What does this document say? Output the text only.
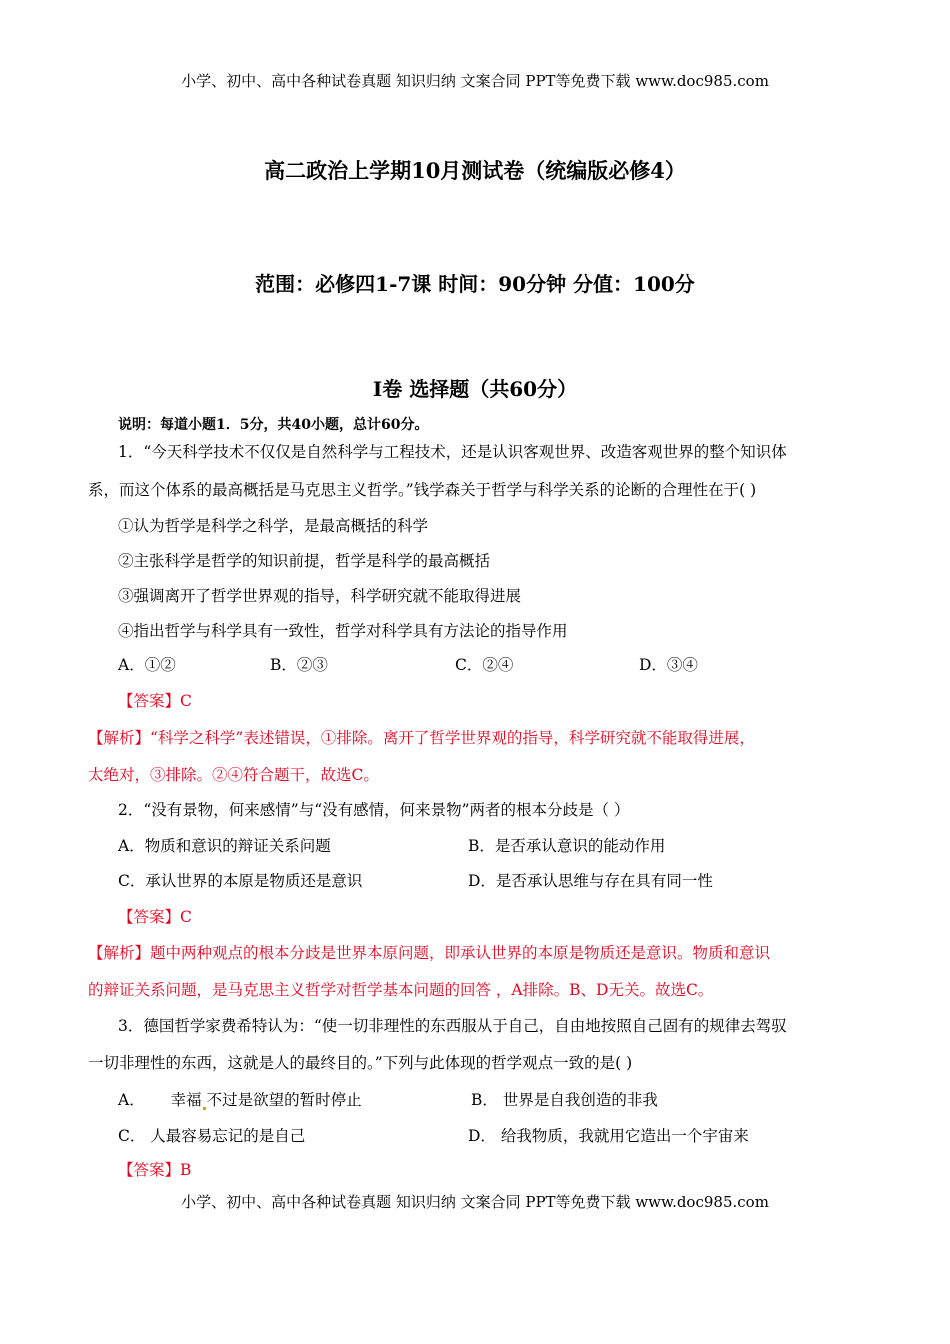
小学、初中、高中各种试卷真题 知识归纳 文案合同 PPT等免费下载 www.doc985.com
高二政治上学期10月测试卷（统编版必修4）
范围：必修四1-7课 时间：90分钟 分值：100分
Ⅰ卷 选择题（共60分）
说明：每道小题1．5分，共40小题，总计60分。
1．“今天科学技术不仅仅是自然科学与工程技术，还是认识客观世界、改造客观世界的整个知识体
系，而这个体系的最高概括是马克思主义哲学。”钱学森关于哲学与科学关系的论断的合理性在于( )
①认为哲学是科学之科学，是最高概括的科学
②主张科学是哲学的知识前提，哲学是科学的最高概括
③强调离开了哲学世界观的指导，科学研究就不能取得进展
④指出哲学与科学具有一致性，哲学对科学具有方法论的指导作用
A．①②	B．②③	C．②④	D．③④
【答案】C
【解析】“科学之科学”表述错误，①排除。离开了哲学世界观的指导，科学研究就不能取得进展，
太绝对，③排除。②④符合题干，故选C。
2．“没有景物，何来感情”与“没有感情，何来景物”两者的根本分歧是（ ）
A．物质和意识的辩证关系问题	B．是否承认意识的能动作用
C．承认世界的本原是物质还是意识	D．是否承认思维与存在具有同一性
【答案】C
【解析】题中两种观点的根本分歧是世界本原问题，即承认世界的本原是物质还是意识。物质和意识
的辩证关系问题，是马克思主义哲学对哲学基本问题的回答 ，A排除。B、D无关。故选C。
3．德国哲学家费希特认为：“使一切非理性的东西服从于自己，自由地按照自己固有的规律去驾驭
一切非理性的东西，这就是人的最终目的。”下列与此体现的哲学观点一致的是( )
A． 幸福 不过是欲望的暂时停止	B． 世界是自我创造的非我
C． 人最容易忘记的是自己	D． 给我物质，我就用它造出一个宇宙来
【答案】B
小学、初中、高中各种试卷真题 知识归纳 文案合同 PPT等免费下载 www.doc985.com
